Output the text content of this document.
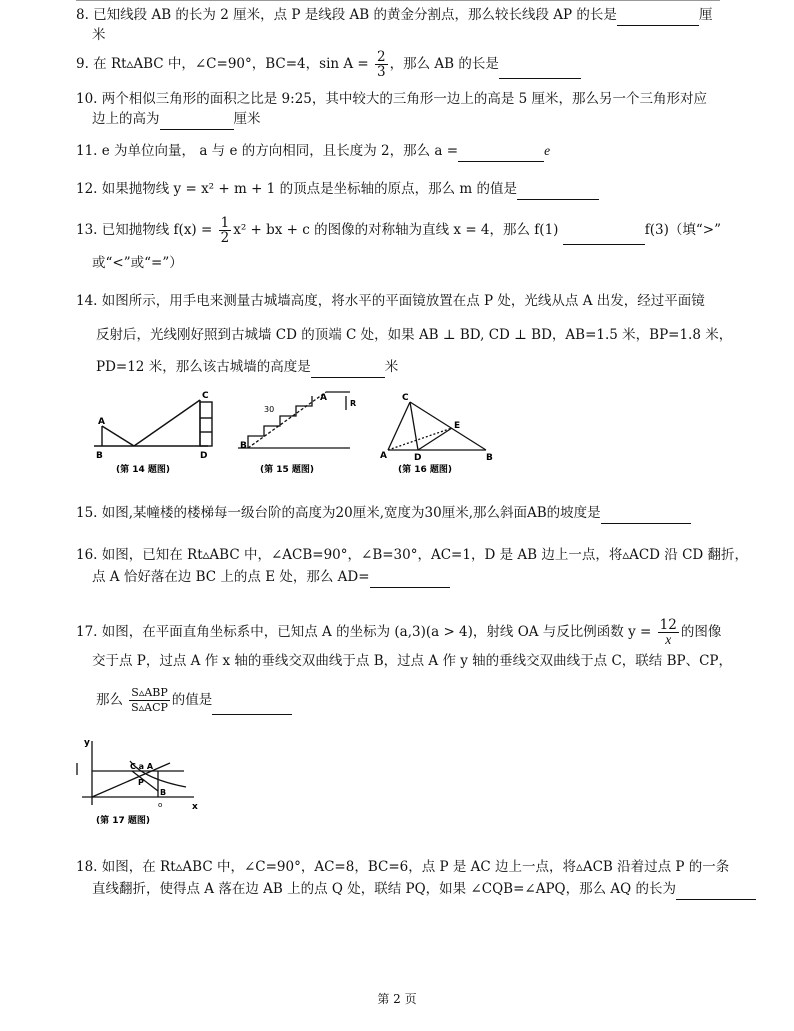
8. 已知线段 AB 的长为 2 厘米，点 P 是线段 AB 的黄金分割点，那么较长线段 AP 的长是	厘
米
9. 在 Rt▵ABC 中，∠C=90°，BC=4，$\sin A = \frac{2}{3}$ ，那么 AB 的长是
10. 两个相似三角形的面积之比是 9:25，其中较大的三角形一边上的高是 5 厘米，那么另一个三角形对应
边上的高为	厘米
11. e 为单位向量， a 与 e 的方向相同，且长度为 2，那么 a =	e
12. 如果抛物线 y = x² + m + 1 的顶点是坐标轴的原点，那么 m 的值是
13. 已知抛物线 $f(x) = \frac{1}{2} x^2$ + bx + c 的图像的对称轴为直线 x = 4，那么 f(1)	f(3)（填“>”
或“<”或“=”）
14. 如图所示，用手电来测量古城墙高度，将水平的平面镜放置在点 P 处，光线从点 A 出发，经过平面镜
反射后，光线刚好照到古城墙 CD 的顶端 C 处，如果 AB ⊥ BD, CD ⊥ BD，AB=1.5 米，BP=1.8 米，
PD=12 米，那么该古城墙的高度是	米
A
B
C
D
(第 14 题图)
30
A
B
R
(第 15 题图)
C
A	D
E
B
(第 16 题图)
15. 如图,某幢楼的楼梯每一级台阶的高度为20厘米,宽度为30厘米,那么斜面AB的坡度是
16. 如图，已知在 Rt▵ABC 中，∠ACB=90°，∠B=30°，AC=1，D 是 AB 边上一点，将▵ACD 沿 CD 翻折，
点 A 恰好落在边 BC 上的点 E 处，那么 AD=
17. 如图，在平面直角坐标系中，已知点 A 的坐标为 (a,3)(a > 4)，射线 OA 与反比例函数 $y = \frac{12}{x}$ 的图像
交于点 P，过点 A 作 x 轴的垂线交双曲线于点 B，过点 A 作 y 轴的垂线交双曲线于点 C，联结 BP、CP，
那么 $\frac{\text{S▵ABP}}{\text{S▵ACP}}$ 的值是
y
x
C a A
P
B
o
(第 17 题图)
18. 如图，在 Rt▵ABC 中，∠C=90°，AC=8，BC=6，点 P 是 AC 边上一点，将▵ACB 沿着过点 P 的一条
直线翻折，使得点 A 落在边 AB 上的点 Q 处，联结 PQ，如果 ∠CQB=∠APQ，那么 AQ 的长为
第 2 页
